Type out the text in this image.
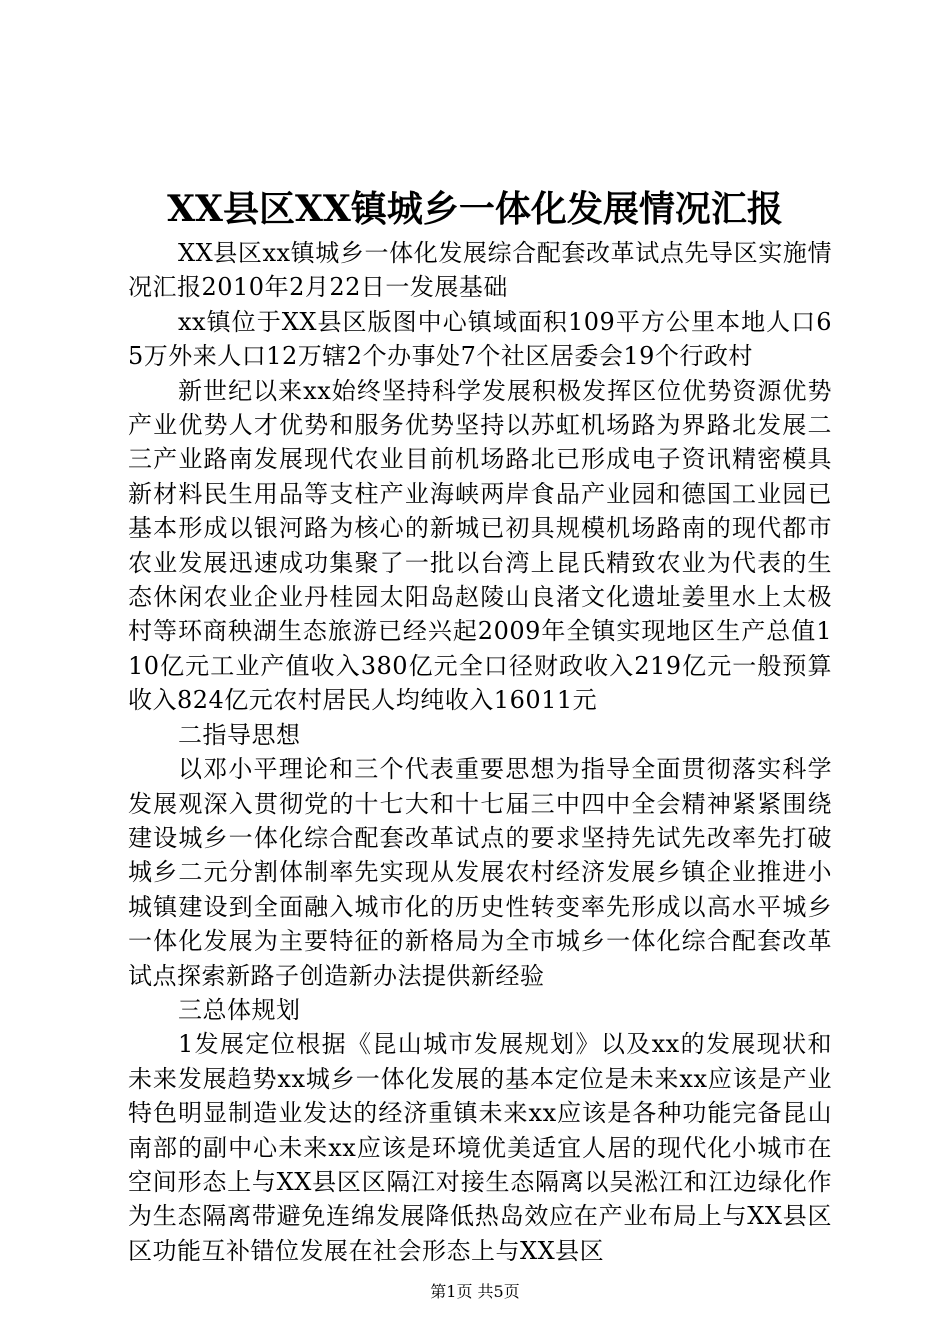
XX县区XX镇城乡一体化发展情况汇报

XX县区xx镇城乡一体化发展综合配套改革试点先导区实施情况汇报2010年2月22日一发展基础

xx镇位于XX县区版图中心镇域面积109平方公里本地人口65万外来人口12万辖2个办事处7个社区居委会19个行政村

新世纪以来xx始终坚持科学发展积极发挥区位优势资源优势产业优势人才优势和服务优势坚持以苏虹机场路为界路北发展二三产业路南发展现代农业目前机场路北已形成电子资讯精密模具新材料民生用品等支柱产业海峡两岸食品产业园和德国工业园已基本形成以银河路为核心的新城已初具规模机场路南的现代都市农业发展迅速成功集聚了一批以台湾上昆氏精致农业为代表的生态休闲农业企业丹桂园太阳岛赵陵山良渚文化遗址姜里水上太极村等环商秧湖生态旅游已经兴起2009年全镇实现地区生产总值110亿元工业产值收入380亿元全口径财政收入219亿元一般预算收入824亿元农村居民人均纯收入16011元

二指导思想

以邓小平理论和三个代表重要思想为指导全面贯彻落实科学发展观深入贯彻党的十七大和十七届三中四中全会精神紧紧围绕建设城乡一体化综合配套改革试点的要求坚持先试先改率先打破城乡二元分割体制率先实现从发展农村经济发展乡镇企业推进小城镇建设到全面融入城市化的历史性转变率先形成以高水平城乡一体化发展为主要特征的新格局为全市城乡一体化综合配套改革试点探索新路子创造新办法提供新经验

三总体规划

1发展定位根据《昆山城市发展规划》以及xx的发展现状和未来发展趋势xx城乡一体化发展的基本定位是未来xx应该是产业特色明显制造业发达的经济重镇未来xx应该是各种功能完备昆山南部的副中心未来xx应该是环境优美适宜人居的现代化小城市在空间形态上与XX县区区隔江对接生态隔离以吴淞江和江边绿化作为生态隔离带避免连绵发展降低热岛效应在产业布局上与XX县区区功能互补错位发展在社会形态上与XX县区

第1页 共5页
